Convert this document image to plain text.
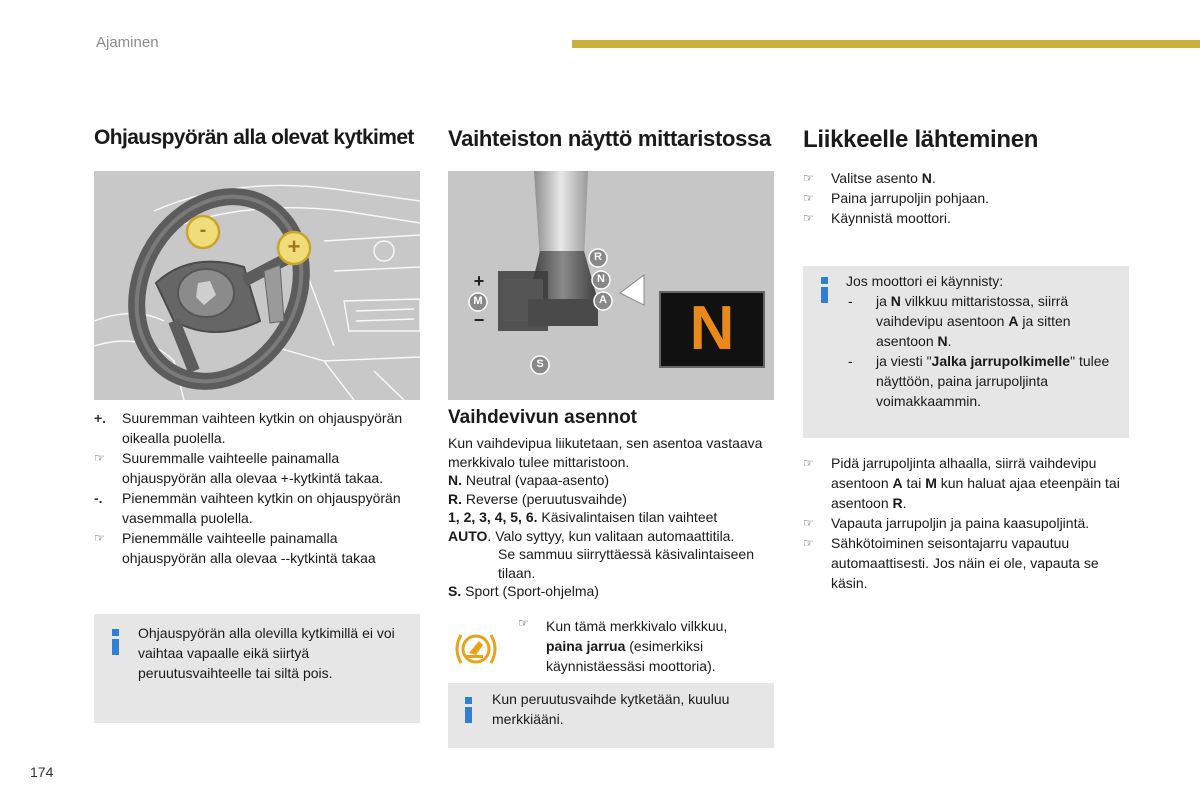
Ajaminen
Ohjauspyörän alla olevat kytkimet
-
+
+. Suuremman vaihteen kytkin on ohjauspyörän oikealla puolella.
☞ Suuremmalle vaihteelle painamalla ohjauspyörän alla olevaa +-kytkintä takaa.
-. Pienemmän vaihteen kytkin on ohjauspyörän vasemmalla puolella.
☞ Pienemmälle vaihteelle painamalla ohjauspyörän alla olevaa --kytkintä takaa
Ohjauspyörän alla olevilla kytkimillä ei voi vaihtaa vapaalle eikä siirtyä peruutusvaihteelle tai siltä pois.
Vaihteiston näyttö mittaristossa
+
M
−
R
N
A
S
N
Vaihdevivun asennot
Kun vaihdevipua liikutetaan, sen asentoa vastaava merkkivalo tulee mittaristoon.
N. Neutral (vapaa-asento)
R. Reverse (peruutusvaihde)
1, 2, 3, 4, 5, 6. Käsivalintaisen tilan vaihteet
AUTO. Valo syttyy, kun valitaan automaattitila.
Se sammuu siirryttäessä käsivalintaiseen tilaan.
S. Sport (Sport-ohjelma)
☞ Kun tämä merkkivalo vilkkuu, paina jarrua (esimerkiksi käynnistäessäsi moottoria).
Kun peruutusvaihde kytketään, kuuluu merkkiääni.
Liikkeelle lähteminen
☞ Valitse asento N.
☞ Paina jarrupoljin pohjaan.
☞ Käynnistä moottori.
Jos moottori ei käynnisty:
- ja N vilkkuu mittaristossa, siirrä vaihdevipu asentoon A ja sitten asentoon N.
- ja viesti "Jalka jarrupolkimelle" tulee näyttöön, paina jarrupoljinta voimakkaammin.
☞ Pidä jarrupoljinta alhaalla, siirrä vaihdevipu asentoon A tai M kun haluat ajaa eteenpäin tai asentoon R.
☞ Vapauta jarrupoljin ja paina kaasupoljintä.
☞ Sähkötoiminen seisontajarru vapautuu automaattisesti. Jos näin ei ole, vapauta se käsin.
174
